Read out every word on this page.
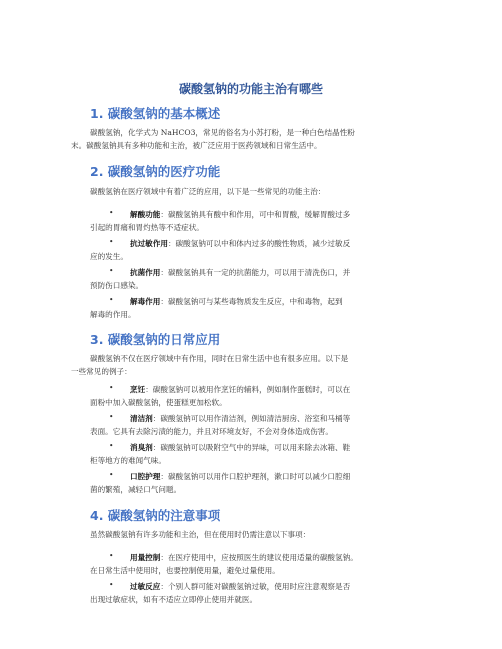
碳酸氢钠的功能主治有哪些
1. 碳酸氢钠的基本概述
碳酸氢钠，化学式为 NaHCO3，常见的俗名为小苏打粉，是一种白色结晶性粉
末。碳酸氢钠具有多种功能和主治，被广泛应用于医药领域和日常生活中。
2. 碳酸氢钠的医疗功能
碳酸氢钠在医疗领域中有着广泛的应用，以下是一些常见的功能主治：
• 解酸功能：碳酸氢钠具有酸中和作用，可中和胃酸，缓解胃酸过多
引起的胃痛和胃灼热等不适症状。
• 抗过敏作用：碳酸氢钠可以中和体内过多的酸性物质，减少过敏反
应的发生。
• 抗菌作用：碳酸氢钠具有一定的抗菌能力，可以用于清洗伤口，并
预防伤口感染。
• 解毒作用：碳酸氢钠可与某些毒物质发生反应，中和毒物，起到
解毒的作用。
3. 碳酸氢钠的日常应用
碳酸氢钠不仅在医疗领域中有作用，同时在日常生活中也有很多应用。以下是
一些常见的例子：
• 烹饪：碳酸氢钠可以被用作烹饪的辅料，例如制作蛋糕时，可以在
面粉中加入碳酸氢钠，使蛋糕更加松软。
• 清洁剂：碳酸氢钠可以用作清洁剂，例如清洁厨房、浴室和马桶等
表面。它具有去除污渍的能力，并且对环境友好，不会对身体造成伤害。
• 消臭剂：碳酸氢钠可以吸附空气中的异味，可以用来除去冰箱、鞋
柜等地方的难闻气味。
• 口腔护理：碳酸氢钠可以用作口腔护理剂，漱口时可以减少口腔细
菌的繁殖，减轻口气问题。
4. 碳酸氢钠的注意事项
虽然碳酸氢钠有许多功能和主治，但在使用时仍需注意以下事项：
• 用量控制：在医疗使用中，应按照医生的建议使用适量的碳酸氢钠。
在日常生活中使用时，也要控制使用量，避免过量使用。
• 过敏反应：个别人群可能对碳酸氢钠过敏，使用时应注意观察是否
出现过敏症状，如有不适应立即停止使用并就医。
